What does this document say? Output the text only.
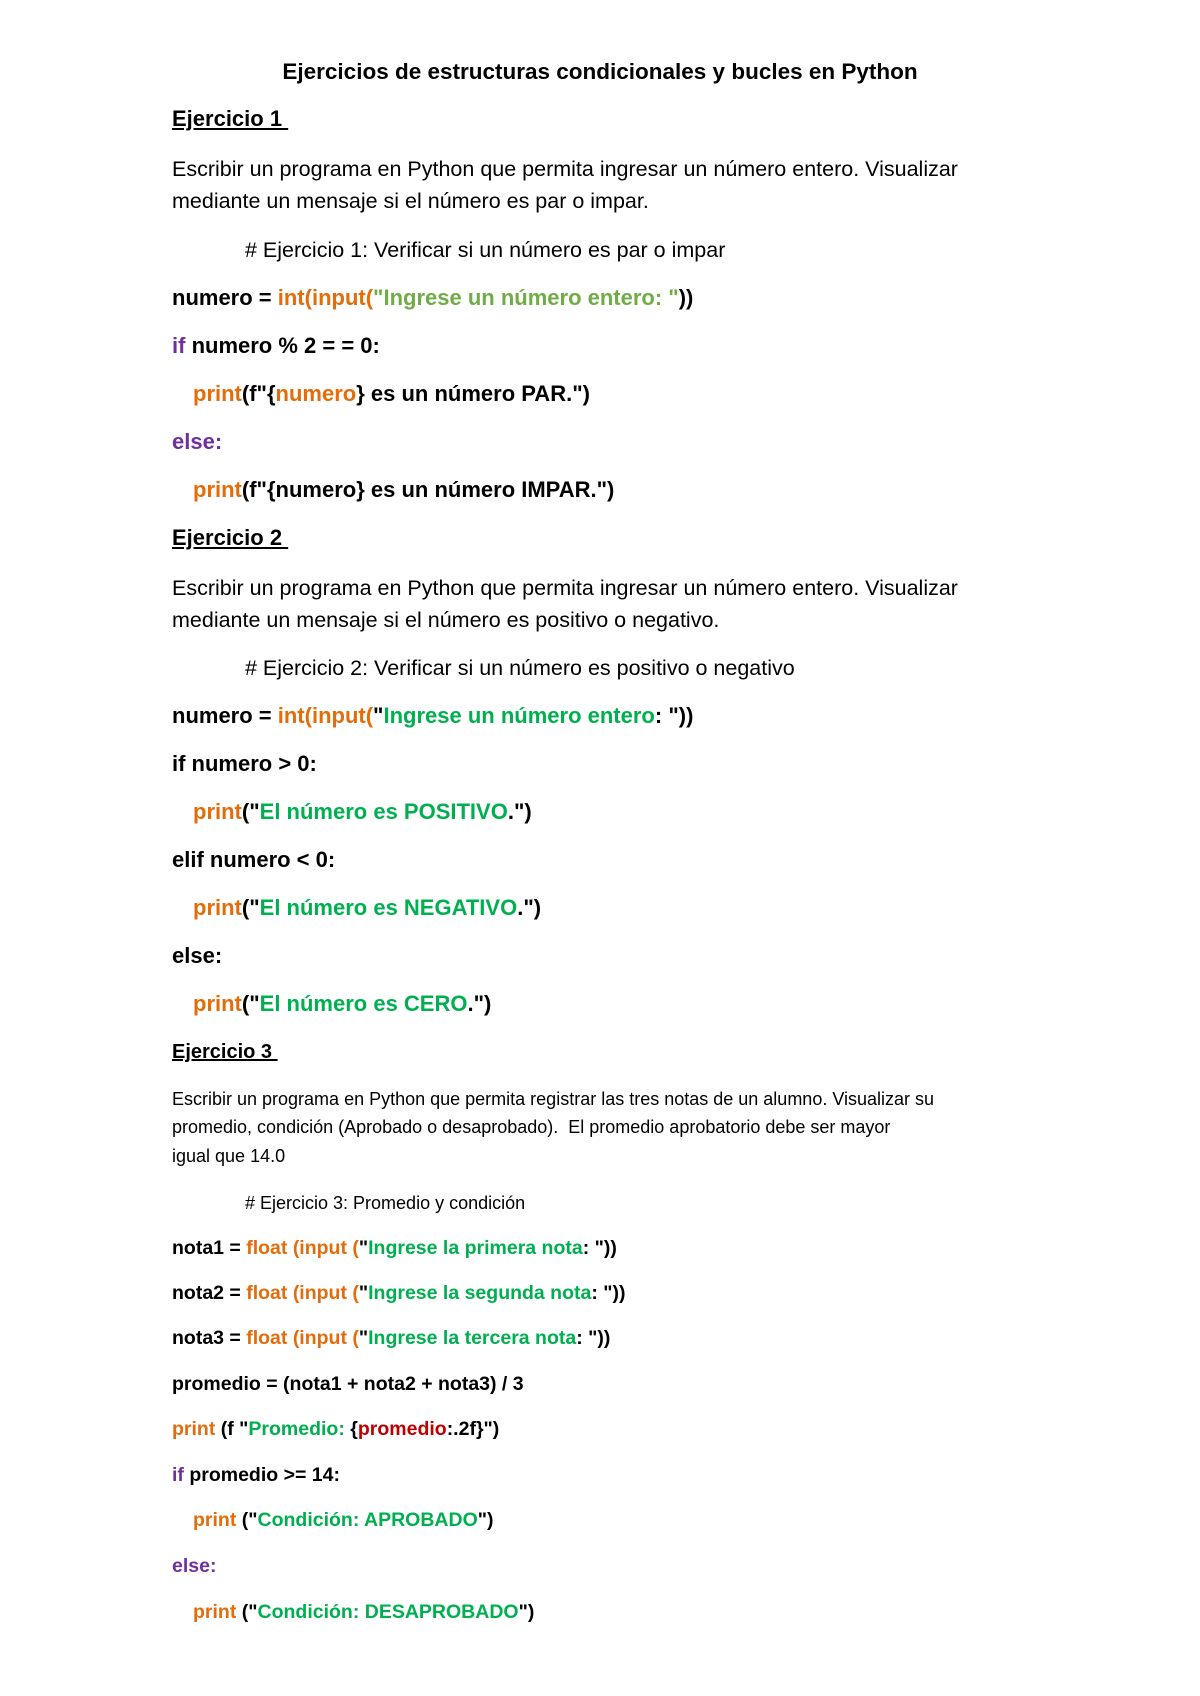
Ejercicios de estructuras condicionales y bucles en Python
Ejercicio 1
Escribir un programa en Python que permita ingresar un número entero. Visualizar
mediante un mensaje si el número es par o impar.
# Ejercicio 1: Verificar si un número es par o impar
numero = int(input("Ingrese un número entero: "))
if numero % 2 = = 0:
print(f"{numero} es un número PAR.")
else:
print(f"{numero} es un número IMPAR.")
Ejercicio 2
Escribir un programa en Python que permita ingresar un número entero. Visualizar
mediante un mensaje si el número es positivo o negativo.
# Ejercicio 2: Verificar si un número es positivo o negativo
numero = int(input("Ingrese un número entero: "))
if numero > 0:
print("El número es POSITIVO.")
elif numero < 0:
print("El número es NEGATIVO.")
else:
print("El número es CERO.")
Ejercicio 3
Escribir un programa en Python que permita registrar las tres notas de un alumno. Visualizar su
promedio, condición (Aprobado o desaprobado).  El promedio aprobatorio debe ser mayor
igual que 14.0
# Ejercicio 3: Promedio y condición
nota1 = float (input ("Ingrese la primera nota: "))
nota2 = float (input ("Ingrese la segunda nota: "))
nota3 = float (input ("Ingrese la tercera nota: "))
promedio = (nota1 + nota2 + nota3) / 3
print (f "Promedio: {promedio:.2f}")
if promedio >= 14:
print ("Condición: APROBADO")
else:
print ("Condición: DESAPROBADO")
